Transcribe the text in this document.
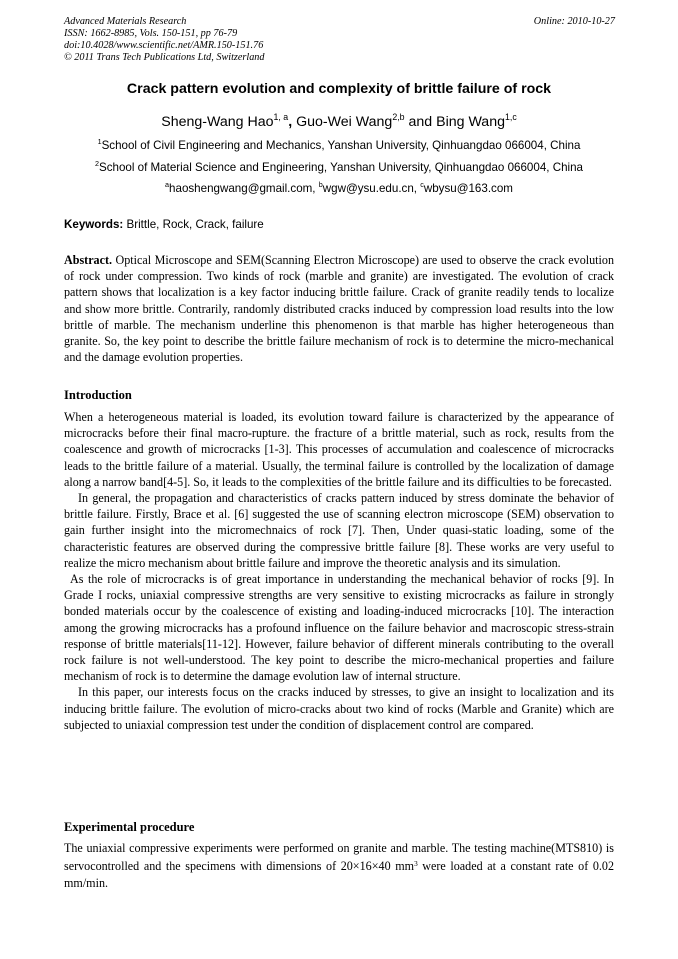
Advanced Materials Research
ISSN: 1662-8985, Vols. 150-151, pp 76-79
doi:10.4028/www.scientific.net/AMR.150-151.76
© 2011 Trans Tech Publications Ltd, Switzerland
Online: 2010-10-27
Crack pattern evolution and complexity of brittle failure of rock
Sheng-Wang Hao$^{1, a}$, Guo-Wei Wang$^{2,b}$ and Bing Wang$^{1,c}$
$^1$School of Civil Engineering and Mechanics, Yanshan University, Qinhuangdao 066004, China
$^2$School of Material Science and Engineering, Yanshan University, Qinhuangdao 066004, China
$^a$haoshengwang@gmail.com, $^b$wgw@ysu.edu.cn, $^c$wbysu@163.com
Keywords: Brittle, Rock, Crack, failure

Abstract. Optical Microscope and SEM(Scanning Electron Microscope) are used to observe the crack evolution of rock under compression. Two kinds of rock (marble and granite) are investigated. The evolution of crack pattern shows that localization is a key factor inducing brittle failure. Crack of granite readily tends to localize and show more brittle. Contrarily, randomly distributed cracks induced by compression load results into the low brittle of marble. The mechanism underline this phenomenon is that marble has higher heterogeneous than granite. So, the key point to describe the brittle failure mechanism of rock is to determine the micro-mechanical and the damage evolution properties.

Introduction

When a heterogeneous material is loaded, its evolution toward failure is characterized by the appearance of microcracks before their final macro-rupture. the fracture of a brittle material, such as rock, results from the coalescence and growth of microcracks [1-3]. This processes of accumulation and coalescence of microcracks leads to the brittle failure of a material. Usually, the terminal failure is controlled by the localization of damage along a narrow band[4-5]. So, it leads to the complexities of the brittle failure and its difficulties to be forecasted.

In general, the propagation and characteristics of cracks pattern induced by stress dominate the behavior of brittle failure. Firstly, Brace et al. [6] suggested the use of scanning electron microscope (SEM) observation to gain further insight into the micromechnaics of rock [7]. Then, Under quasi-static loading, some of the characteristic features are observed during the compressive brittle failure [8]. These works are very useful to realize the micro mechanism about brittle failure and improve the theoretic analysis and its simulation.

As the role of microcracks is of great importance in understanding the mechanical behavior of rocks [9]. In Grade I rocks, uniaxial compressive strengths are very sensitive to existing microcracks as failure in strongly bonded materials occur by the coalescence of existing and loading-induced microcracks [10]. The interaction among the growing microcracks has a profound influence on the failure behavior and macroscopic stress-strain response of brittle materials[11-12]. However, failure behavior of different minerals contributing to the overall rock failure is not well-understood. The key point to describe the micro-mechanical properties and failure mechanism of rock is to determine the damage evolution law of internal structure.

In this paper, our interests focus on the cracks induced by stresses, to give an insight to localization and its inducing brittle failure. The evolution of micro-cracks about two kind of rocks (Marble and Granite) which are subjected to uniaxial compression test under the condition of displacement control are compared.

Experimental procedure

The uniaxial compressive experiments were performed on granite and marble. The testing machine(MTS810) is servocontrolled and the specimens with dimensions of 20×16×40 $mm^3$ were loaded at a constant rate of 0.02 mm/min.
